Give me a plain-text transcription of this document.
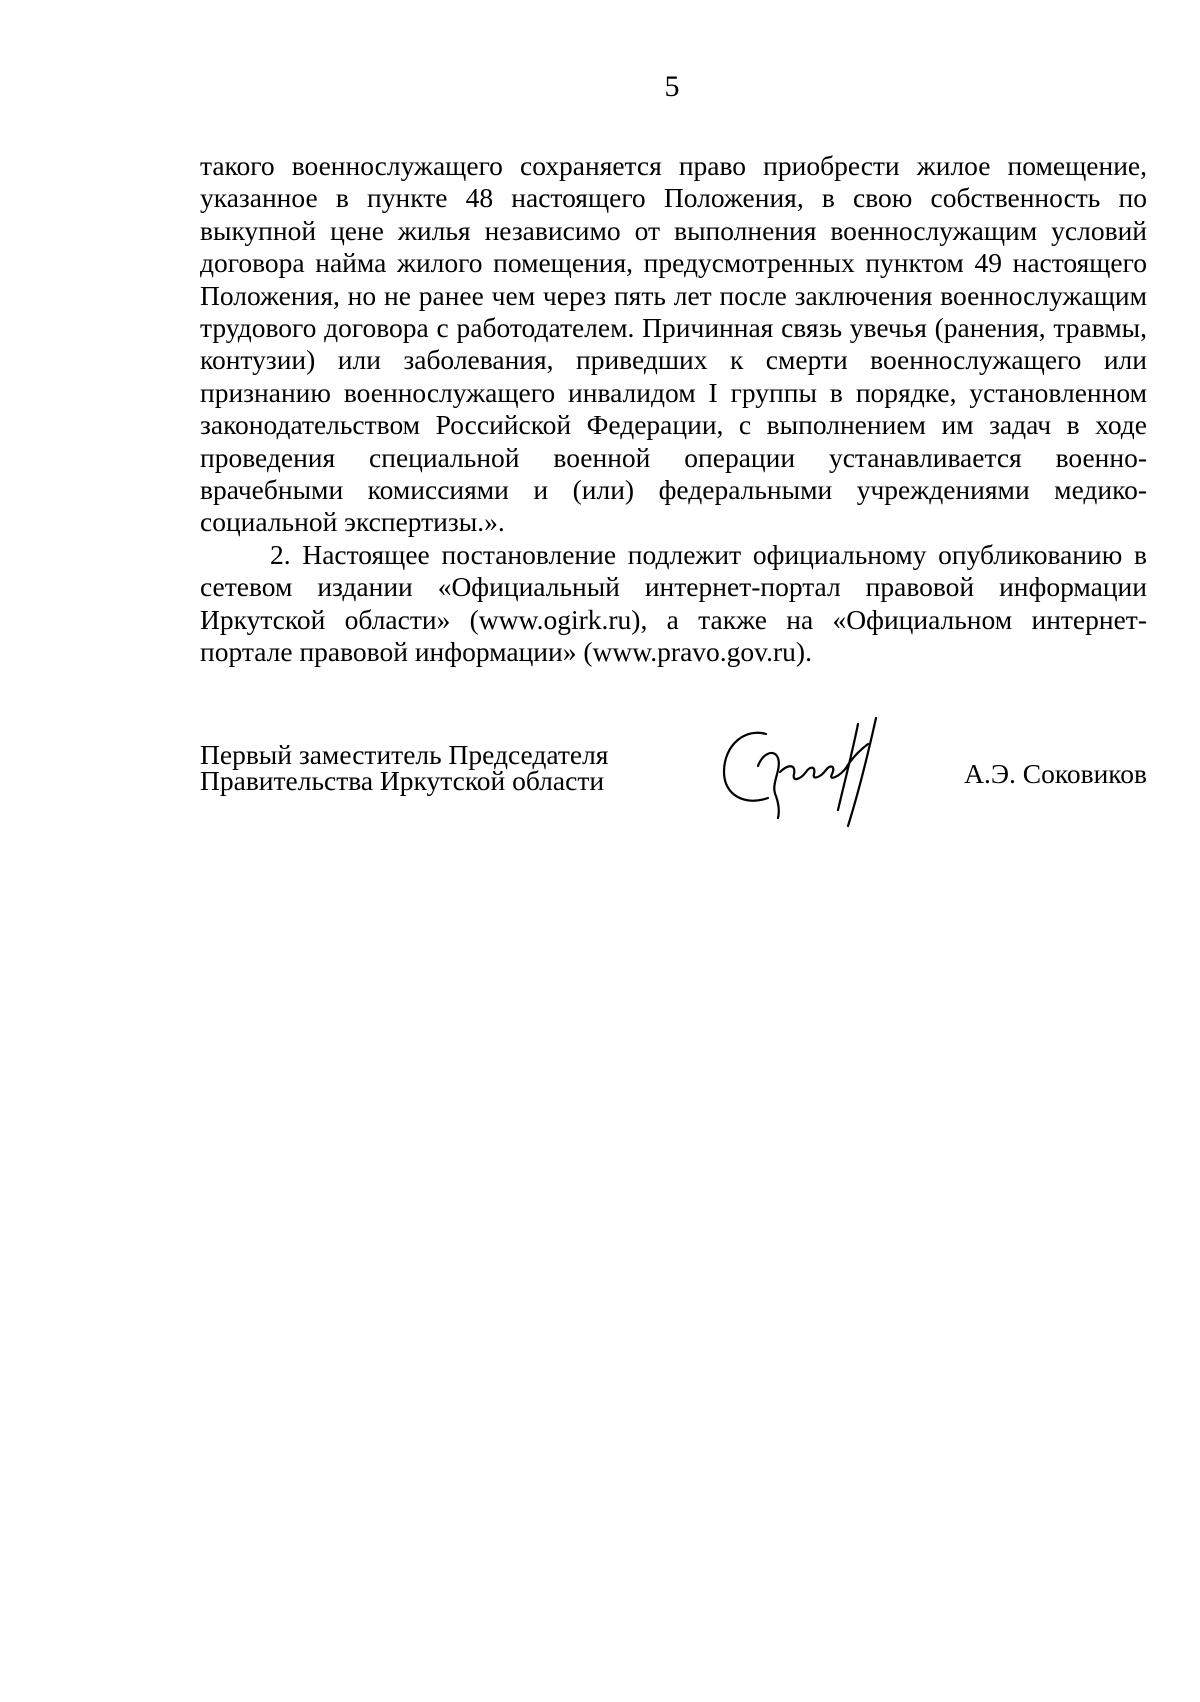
5

такого военнослужащего сохраняется право приобрести жилое помещение, указанное в пункте 48 настоящего Положения, в свою собственность по выкупной цене жилья независимо от выполнения военнослужащим условий договора найма жилого помещения, предусмотренных пунктом 49 настоящего Положения, но не ранее чем через пять лет после заключения военнослужащим трудового договора с работодателем. Причинная связь увечья (ранения, травмы, контузии) или заболевания, приведших к смерти военнослужащего или признанию военнослужащего инвалидом I группы в порядке, установленном законодательством Российской Федерации, с выполнением им задач в ходе проведения специальной военной операции устанавливается военно-врачебными комиссиями и (или) федеральными учреждениями медико-социальной экспертизы.».

2. Настоящее постановление подлежит официальному опубликованию в сетевом издании «Официальный интернет-портал правовой информации Иркутской области» (www.ogirk.ru), а также на «Официальном интернет-портале правовой информации» (www.pravo.gov.ru).

Первый заместитель Председателя
Правительства Иркутской области	А.Э. Соковиков
